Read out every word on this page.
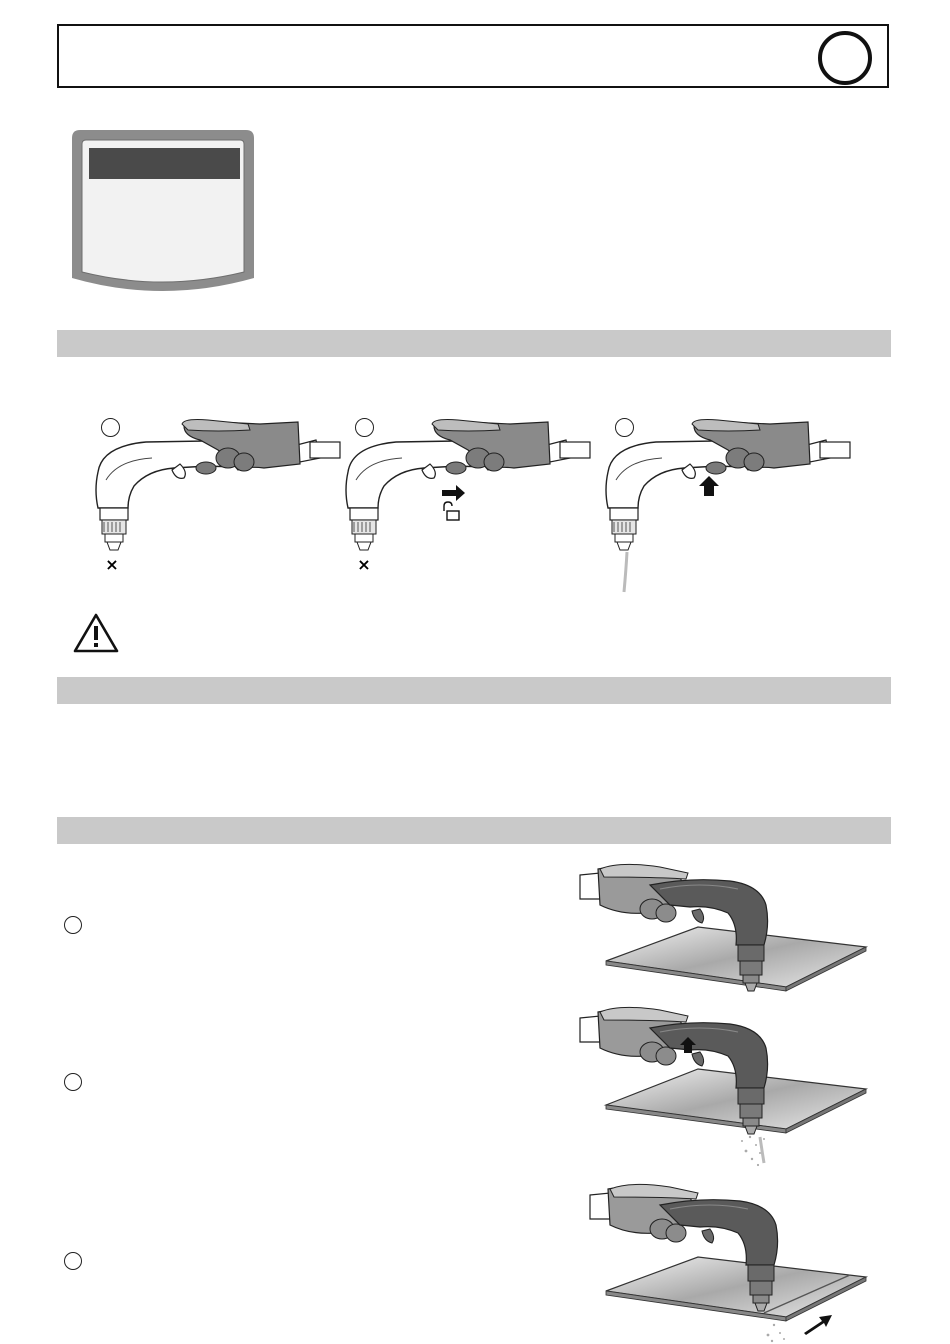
×	×
